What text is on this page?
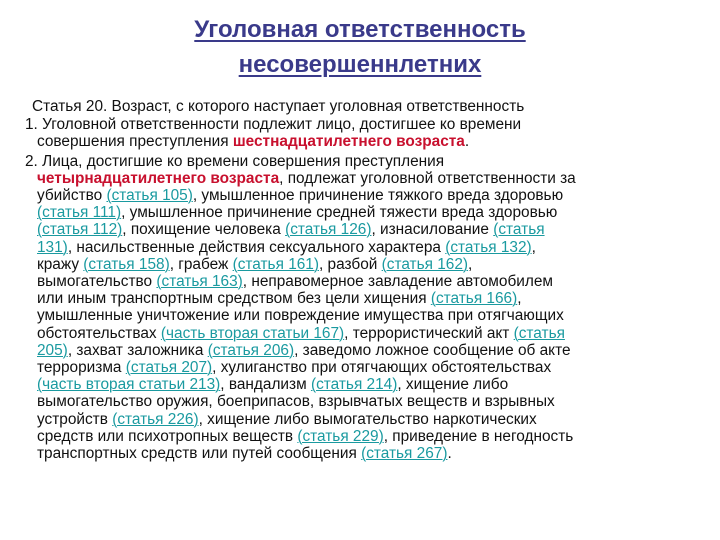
Уголовная ответственность
несовершеннлетних
Статья 20. Возраст, с которого наступает уголовная ответственность
1. Уголовной ответственности подлежит лицо, достигшее ко времени
совершения преступления шестнадцатилетнего возраста.
2. Лица, достигшие ко времени совершения преступления
четырнадцатилетнего возраста, подлежат уголовной ответственности за
убийство (статья 105), умышленное причинение тяжкого вреда здоровью
(статья 111), умышленное причинение средней тяжести вреда здоровью
(статья 112), похищение человека (статья 126), изнасилование (статья
131), насильственные действия сексуального характера (статья 132),
кражу (статья 158), грабеж (статья 161), разбой (статья 162),
вымогательство (статья 163), неправомерное завладение автомобилем
или иным транспортным средством без цели хищения (статья 166),
умышленные уничтожение или повреждение имущества при отягчающих
обстоятельствах (часть вторая статьи 167), террористический акт (статья
205), захват заложника (статья 206), заведомо ложное сообщение об акте
терроризма (статья 207), хулиганство при отягчающих обстоятельствах
(часть вторая статьи 213), вандализм (статья 214), хищение либо
вымогательство оружия, боеприпасов, взрывчатых веществ и взрывных
устройств (статья 226), хищение либо вымогательство наркотических
средств или психотропных веществ (статья 229), приведение в негодность
транспортных средств или путей сообщения (статья 267).
